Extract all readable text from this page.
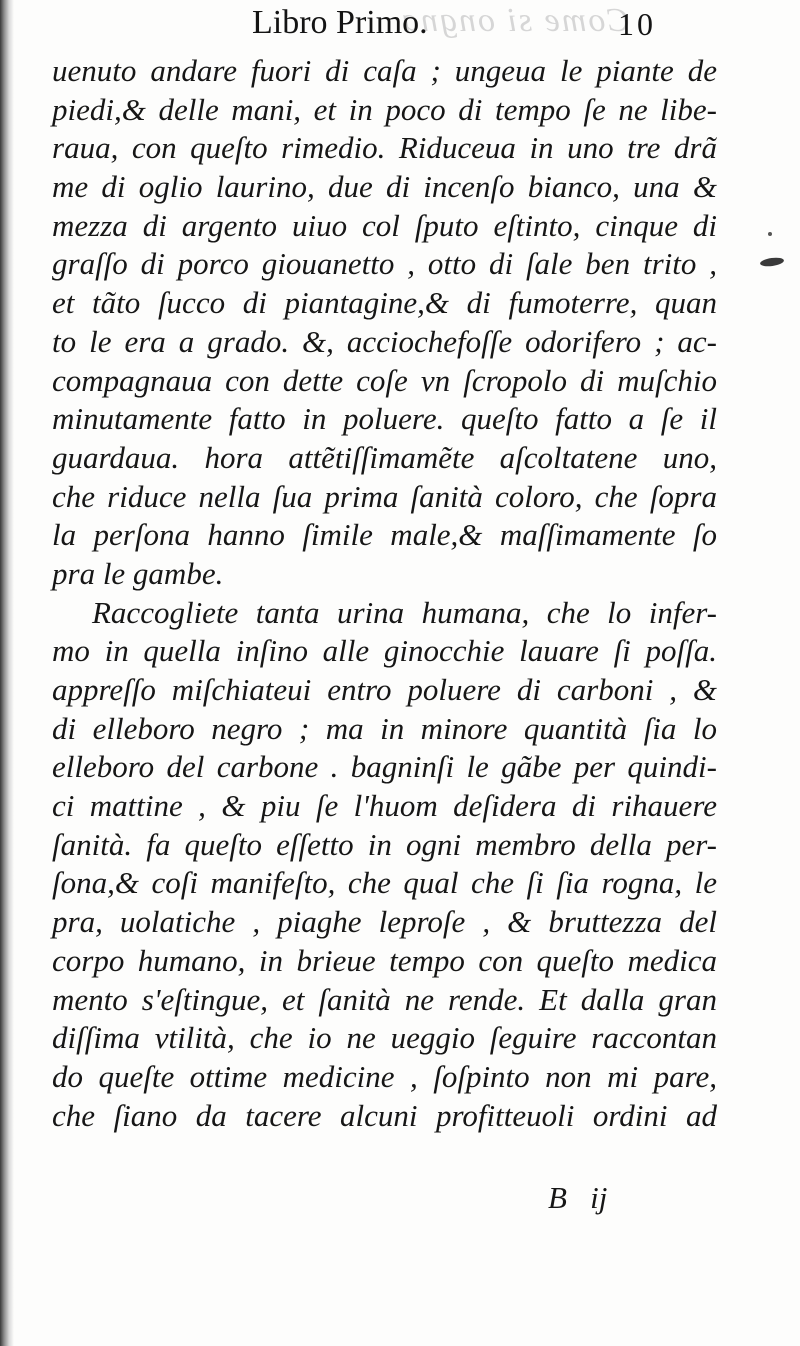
Come si ongna
Libro Primo.	10
uenuto andare fuori di caſa ; ungeua le piante de
piedi,& delle mani, et in poco di tempo ſe ne libe-
raua, con queſto rimedio. Riduceua in uno tre drã
me di oglio laurino, due di incenſo bianco, una &
mezza di argento uiuo col ſputo eſtinto, cinque di
graſſo di porco giouanetto , otto di ſale ben trito ,
et tãto ſucco di piantagine,& di fumoterre, quan
to le era a grado. &, acciochefoſſe odorifero ; ac-
compagnaua con dette coſe vn ſcropolo di muſchio
minutamente fatto in poluere. queſto fatto a ſe il
guardaua. hora attẽtiſſimamẽte aſcoltatene uno,
che riduce nella ſua prima ſanità coloro, che ſopra
la perſona hanno ſimile male,& maſſimamente ſo
pra le gambe.
Raccogliete tanta urina humana, che lo infer-
mo in quella inſino alle ginocchie lauare ſi poſſa.
appreſſo miſchiateui entro poluere di carboni , &
di elleboro negro ; ma in minore quantità ſia lo
elleboro del carbone . bagninſi le gãbe per quindi-
ci mattine , & piu ſe l'huom deſidera di rihauere
ſanità. fa queſto eſſetto in ogni membro della per-
ſona,& coſi manifeſto, che qual che ſi ſia rogna, le
pra, uolatiche , piaghe leproſe , & bruttezza del
corpo humano, in brieue tempo con queſto medica
mento s'eſtingue, et ſanità ne rende. Et dalla gran
diſſima vtilità, che io ne ueggio ſeguire raccontan
do queſte ottime medicine , ſoſpinto non mi pare,
che ſiano da tacere alcuni profitteuoli ordini ad
B   ij
